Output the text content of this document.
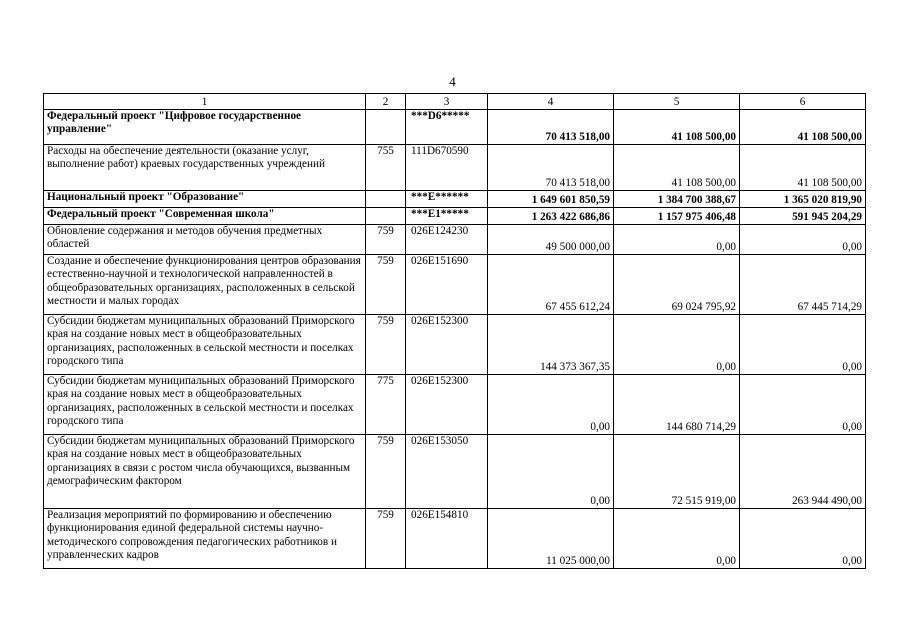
4
1	2	3	4	5	6
Федеральный проект "Цифровое государственное управление"		***D6*****	70 413 518,00	41 108 500,00	41 108 500,00
Расходы на обеспечение деятельности (оказание услуг, выполнение работ) краевых государственных учреждений	755	111D670590	70 413 518,00	41 108 500,00	41 108 500,00
Национальный проект "Образование"		***E******	1 649 601 850,59	1 384 700 388,67	1 365 020 819,90
Федеральный проект "Современная школа"		***E1*****	1 263 422 686,86	1 157 975 406,48	591 945 204,29
Обновление содержания и методов обучения предметных областей	759	026E124230	49 500 000,00	0,00	0,00
Создание и обеспечение функционирования центров образования естественно-научной и технологической направленностей в общеобразовательных организациях, расположенных в сельской местности и малых городах	759	026E151690	67 455 612,24	69 024 795,92	67 445 714,29
Субсидии бюджетам муниципальных образований Приморского края на создание новых мест в общеобразовательных организациях, расположенных в сельской местности и поселках городского типа	759	026E152300	144 373 367,35	0,00	0,00
Субсидии бюджетам муниципальных образований Приморского края на создание новых мест в общеобразовательных организациях, расположенных в сельской местности и поселках городского типа	775	026E152300	0,00	144 680 714,29	0,00
Субсидии бюджетам муниципальных образований Приморского края на создание новых мест в общеобразовательных организациях в связи с ростом числа обучающихся, вызванным демографическим фактором	759	026E153050	0,00	72 515 919,00	263 944 490,00
Реализация мероприятий по формированию и обеспечению функционирования единой федеральной системы научно-методического сопровождения педагогических работников и управленческих кадров	759	026E154810	11 025 000,00	0,00	0,00
